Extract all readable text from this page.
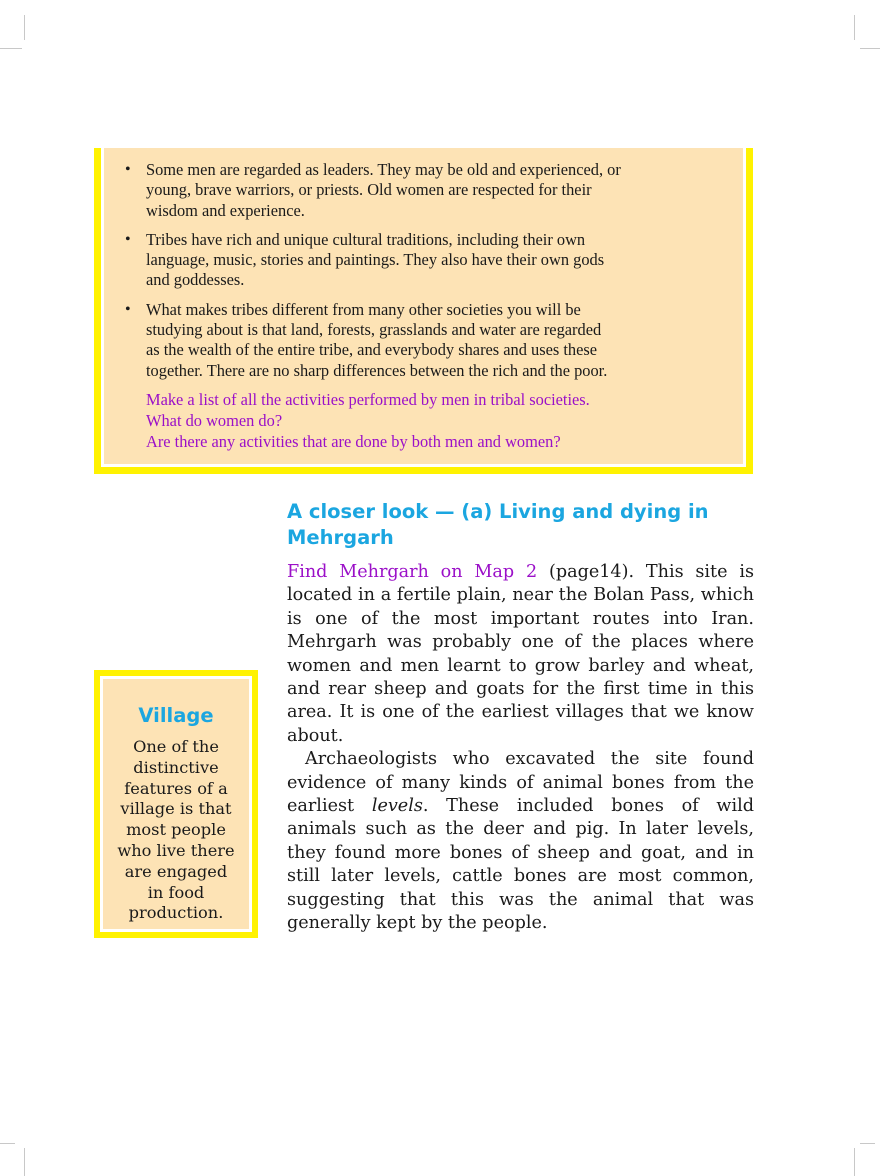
• Some men are regarded as leaders. They may be old and experienced, or
young, brave warriors, or priests. Old women are respected for their
wisdom and experience.
• Tribes have rich and unique cultural traditions, including their own
language, music, stories and paintings. They also have their own gods
and goddesses.
• What makes tribes different from many other societies you will be
studying about is that land, forests, grasslands and water are regarded
as the wealth of the entire tribe, and everybody shares and uses these
together. There are no sharp differences between the rich and the poor.
Make a list of all the activities performed by men in tribal societies.
What do women do?
Are there any activities that are done by both men and women?
A closer look — (a) Living and dying in
Mehrgarh

Find Mehrgarh on Map 2 (page14). This site is located in a fertile plain, near the Bolan Pass, which is one of the most important routes into Iran. Mehrgarh was probably one of the places where women and men learnt to grow barley and wheat, and rear sheep and goats for the first time in this area. It is one of the earliest villages that we know about.

Archaeologists who excavated the site found evidence of many kinds of animal bones from the earliest levels. These included bones of wild animals such as the deer and pig. In later levels, they found more bones of sheep and goat, and in still later levels, cattle bones are most common, suggesting that this was the animal that was generally kept by the people.

Village
One of the
distinctive
features of a
village is that
most people
who live there
are engaged
in food
production.
